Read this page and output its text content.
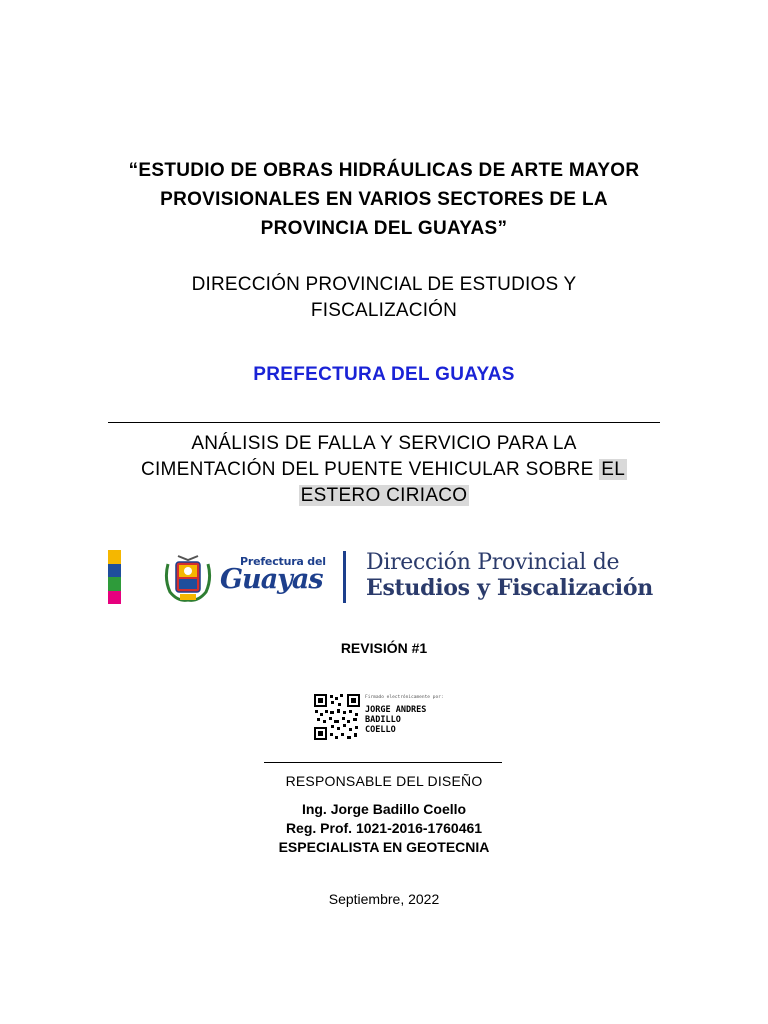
“ESTUDIO DE OBRAS HIDRÁULICAS DE ARTE MAYOR
PROVISIONALES EN VARIOS SECTORES DE LA
PROVINCIA DEL GUAYAS”
DIRECCIÓN PROVINCIAL DE ESTUDIOS Y
FISCALIZACIÓN
PREFECTURA DEL GUAYAS
ANÁLISIS DE FALLA Y SERVICIO PARA LA
CIMENTACIÓN DEL PUENTE VEHICULAR SOBRE EL
ESTERO CIRIACO
Prefectura del
Guayas
Dirección Provincial de
Estudios y Fiscalización
REVISIÓN #1
Firmado electrónicamente por:
JORGE ANDRES
BADILLO
COELLO
RESPONSABLE DEL DISEÑO
Ing. Jorge Badillo Coello
Reg. Prof. 1021-2016-1760461
ESPECIALISTA EN GEOTECNIA
Septiembre, 2022
